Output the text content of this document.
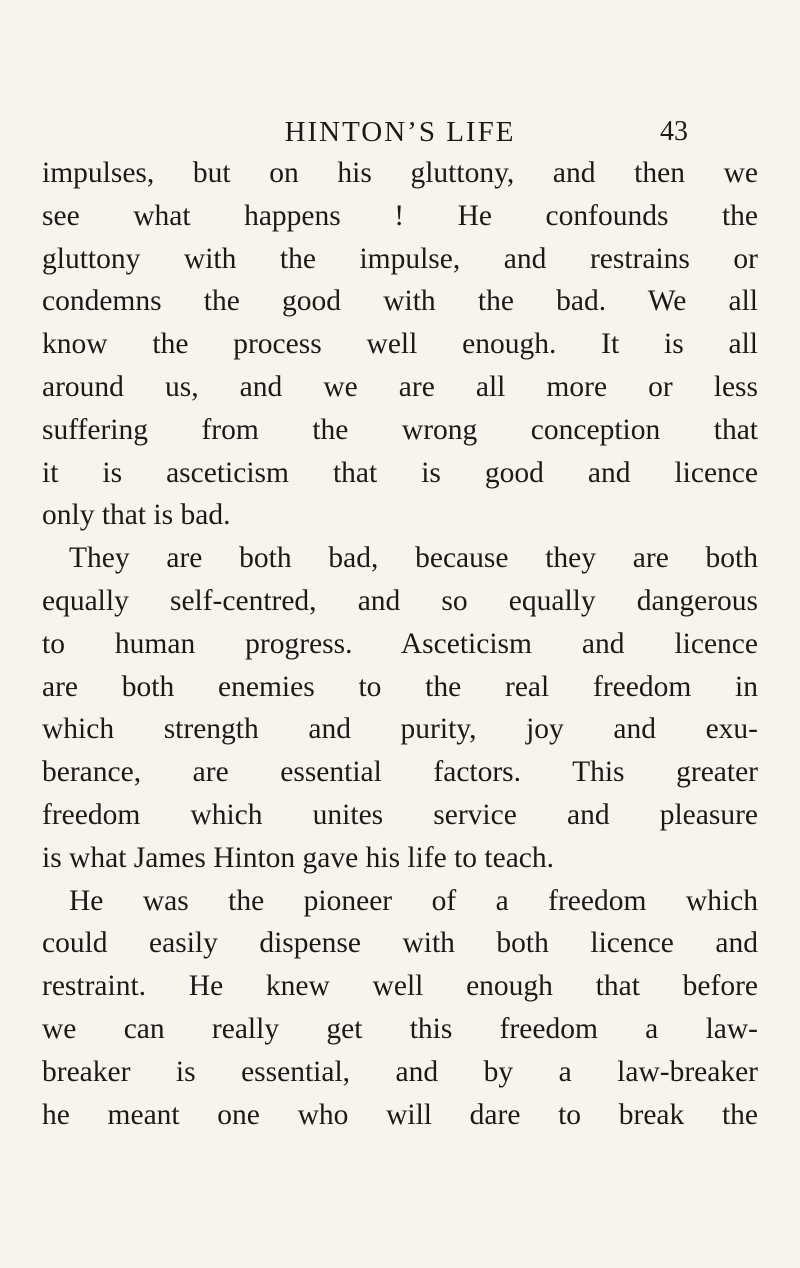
HINTON’S LIFE	43
impulses, but on his gluttony, and then we
see what happens ! He confounds the
gluttony with the impulse, and restrains or
condemns the good with the bad. We all
know the process well enough. It is all
around us, and we are all more or less
suffering from the wrong conception that
it is asceticism that is good and licence
only that is bad.
They are both bad, because they are both
equally self-centred, and so equally dangerous
to human progress. Asceticism and licence
are both enemies to the real freedom in
which strength and purity, joy and exu-
berance, are essential factors. This greater
freedom which unites service and pleasure
is what James Hinton gave his life to teach.
He was the pioneer of a freedom which
could easily dispense with both licence and
restraint. He knew well enough that before
we can really get this freedom a law-
breaker is essential, and by a law-breaker
he meant one who will dare to break the
